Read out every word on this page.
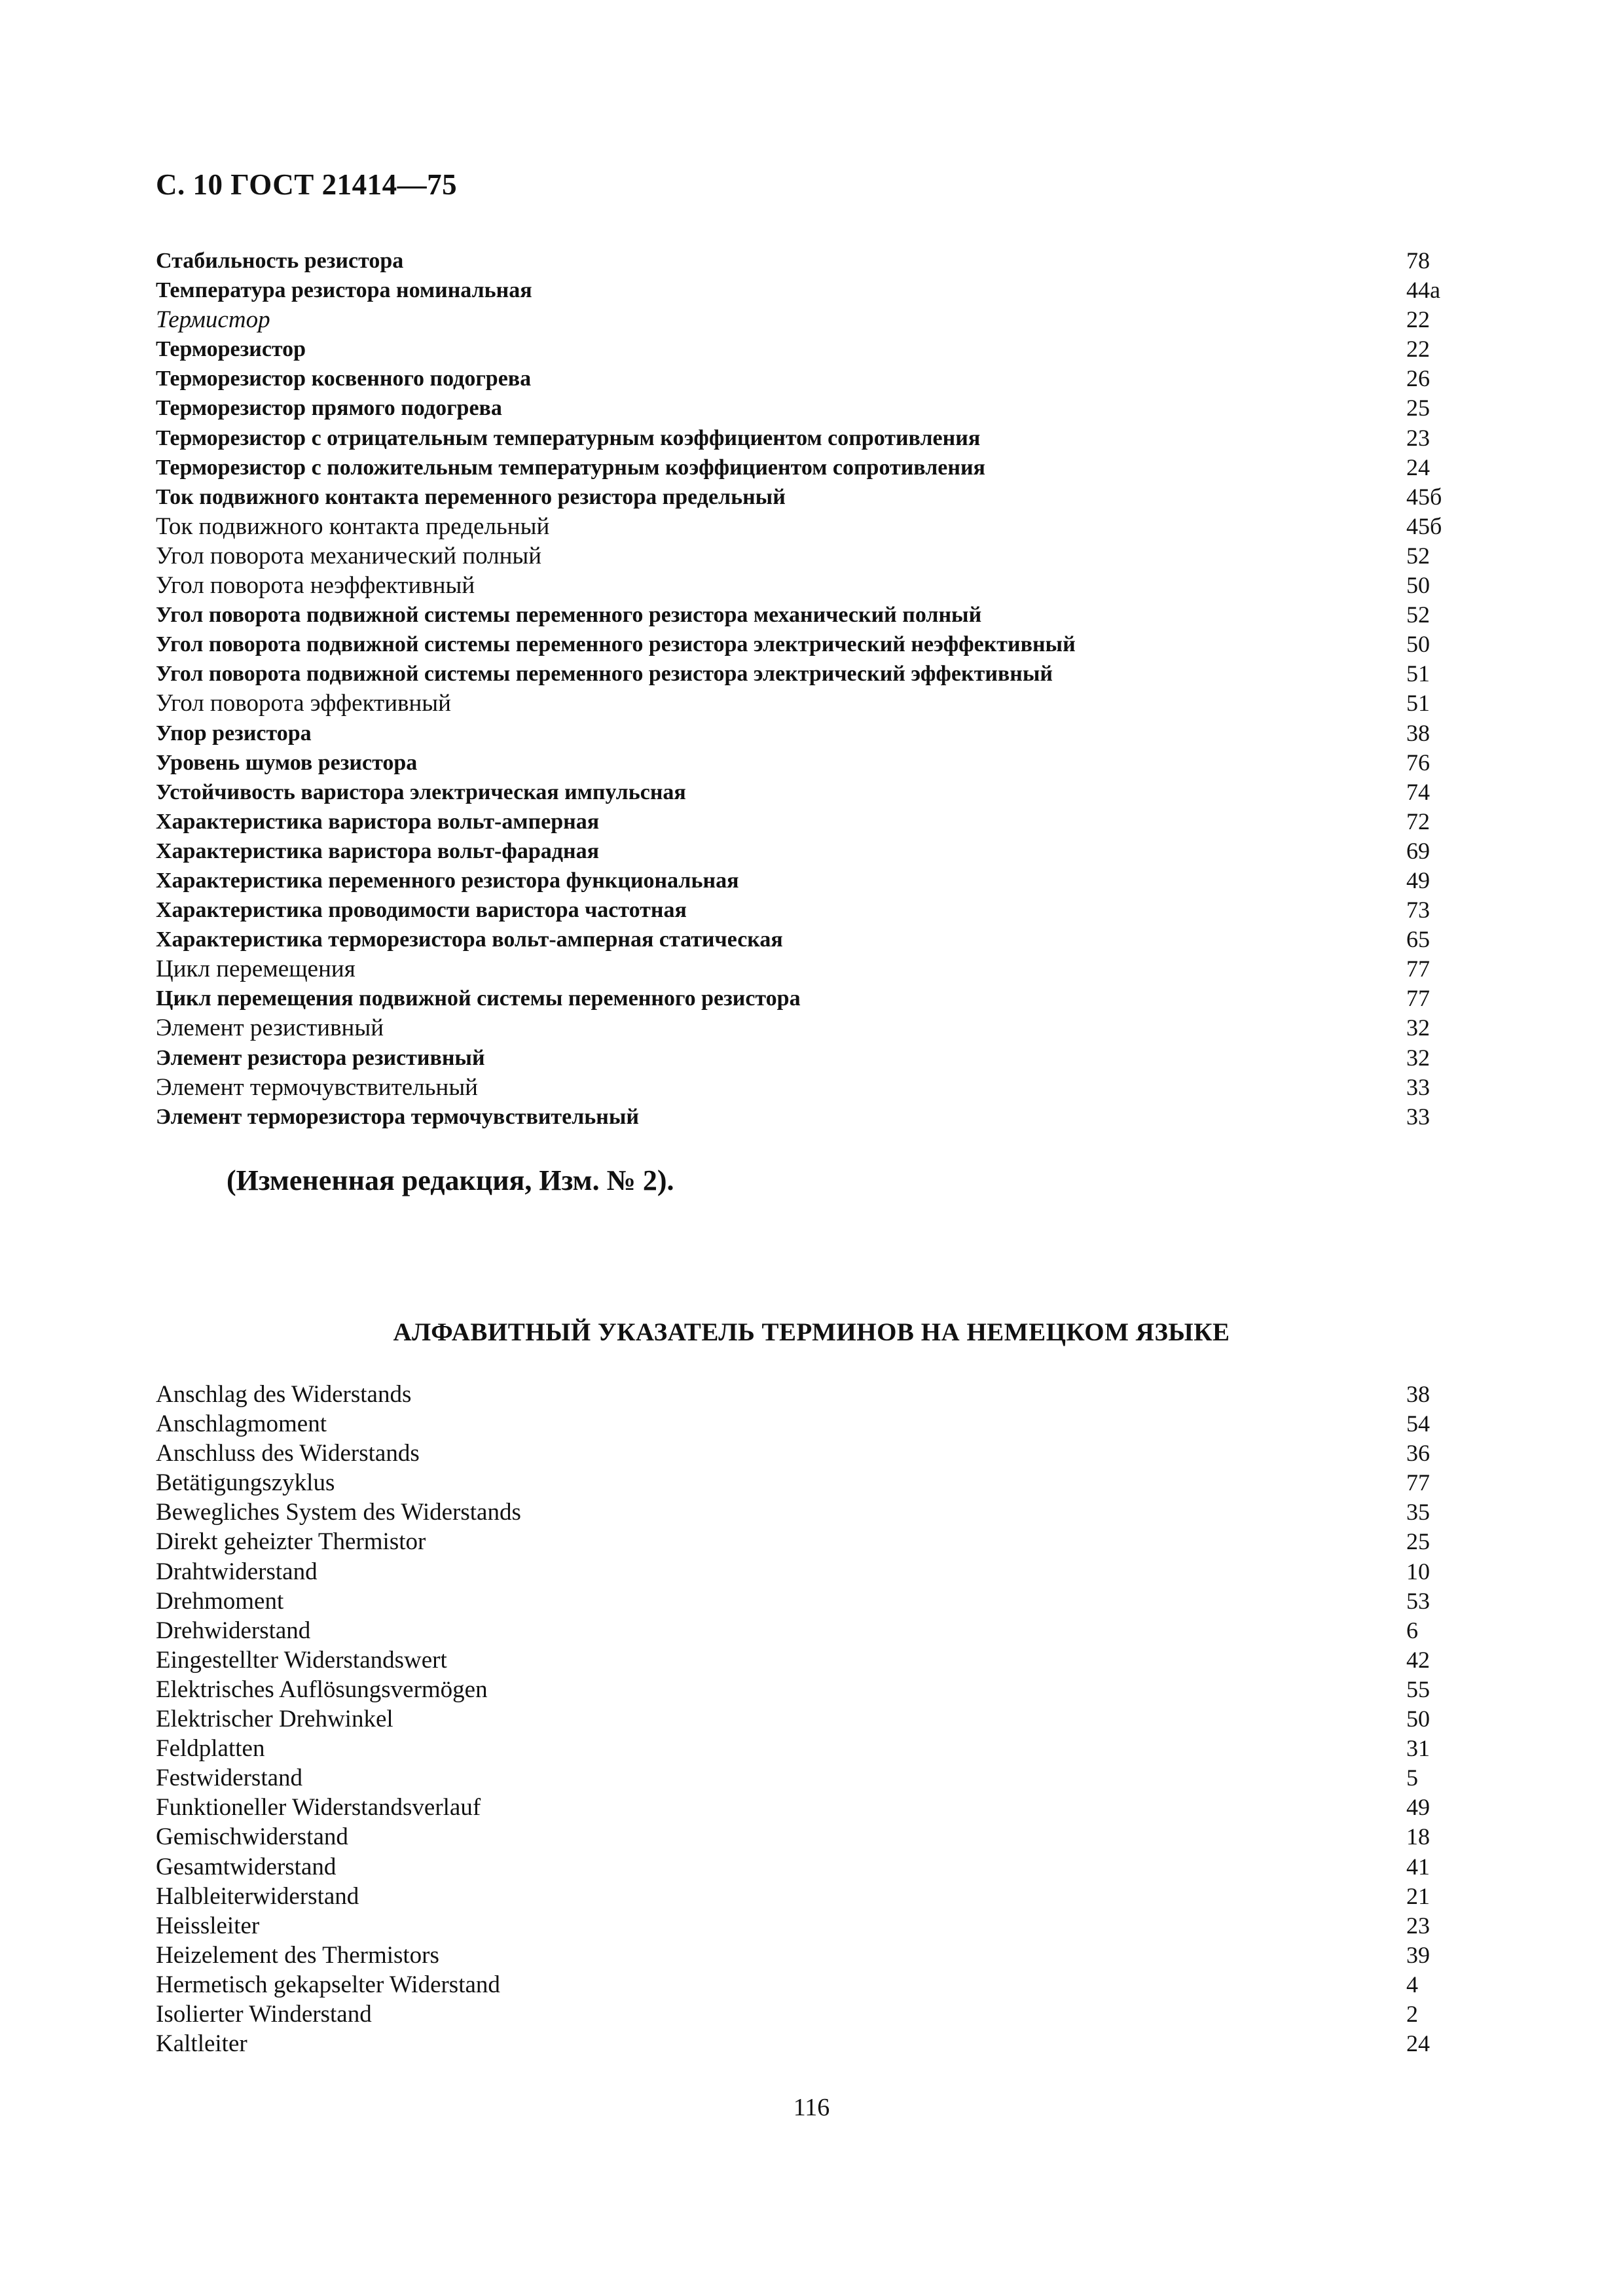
С. 10 ГОСТ 21414—75
Стабильность резистора	78
Температура резистора номинальная	44а
Термистор	22
Терморезистор	22
Терморезистор косвенного подогрева	26
Терморезистор прямого подогрева	25
Терморезистор с отрицательным температурным коэффициентом сопротивления	23
Терморезистор с положительным температурным коэффициентом сопротивления	24
Ток подвижного контакта переменного резистора предельный	45б
Ток подвижного контакта предельный	45б
Угол поворота механический полный	52
Угол поворота неэффективный	50
Угол поворота подвижной системы переменного резистора механический полный	52
Угол поворота подвижной системы переменного резистора электрический неэффективный	50
Угол поворота подвижной системы переменного резистора электрический эффективный	51
Угол поворота эффективный	51
Упор резистора	38
Уровень шумов резистора	76
Устойчивость варистора электрическая импульсная	74
Характеристика варистора вольт-амперная	72
Характеристика варистора вольт-фарадная	69
Характеристика переменного резистора функциональная	49
Характеристика проводимости варистора частотная	73
Характеристика терморезистора вольт-амперная статическая	65
Цикл перемещения	77
Цикл перемещения подвижной системы переменного резистора	77
Элемент резистивный	32
Элемент резистора резистивный	32
Элемент термочувствительный	33
Элемент терморезистора термочувствительный	33
(Измененная редакция, Изм. № 2).
АЛФАВИТНЫЙ УКАЗАТЕЛЬ ТЕРМИНОВ НА НЕМЕЦКОМ ЯЗЫКЕ
Anschlag des Widerstands	38
Anschlagmoment	54
Anschluss des Widerstands	36
Betätigungszyklus	77
Bewegliches System des Widerstands	35
Direkt geheizter Thermistor	25
Drahtwiderstand	10
Drehmoment	53
Drehwiderstand	6
Eingestellter Widerstandswert	42
Elektrisches Auflösungsvermögen	55
Elektrischer Drehwinkel	50
Feldplatten	31
Festwiderstand	5
Funktioneller Widerstandsverlauf	49
Gemischwiderstand	18
Gesamtwiderstand	41
Halbleiterwiderstand	21
Heissleiter	23
Heizelement des Thermistors	39
Hermetisch gekapselter Widerstand	4
Isolierter Winderstand	2
Kaltleiter	24
116
